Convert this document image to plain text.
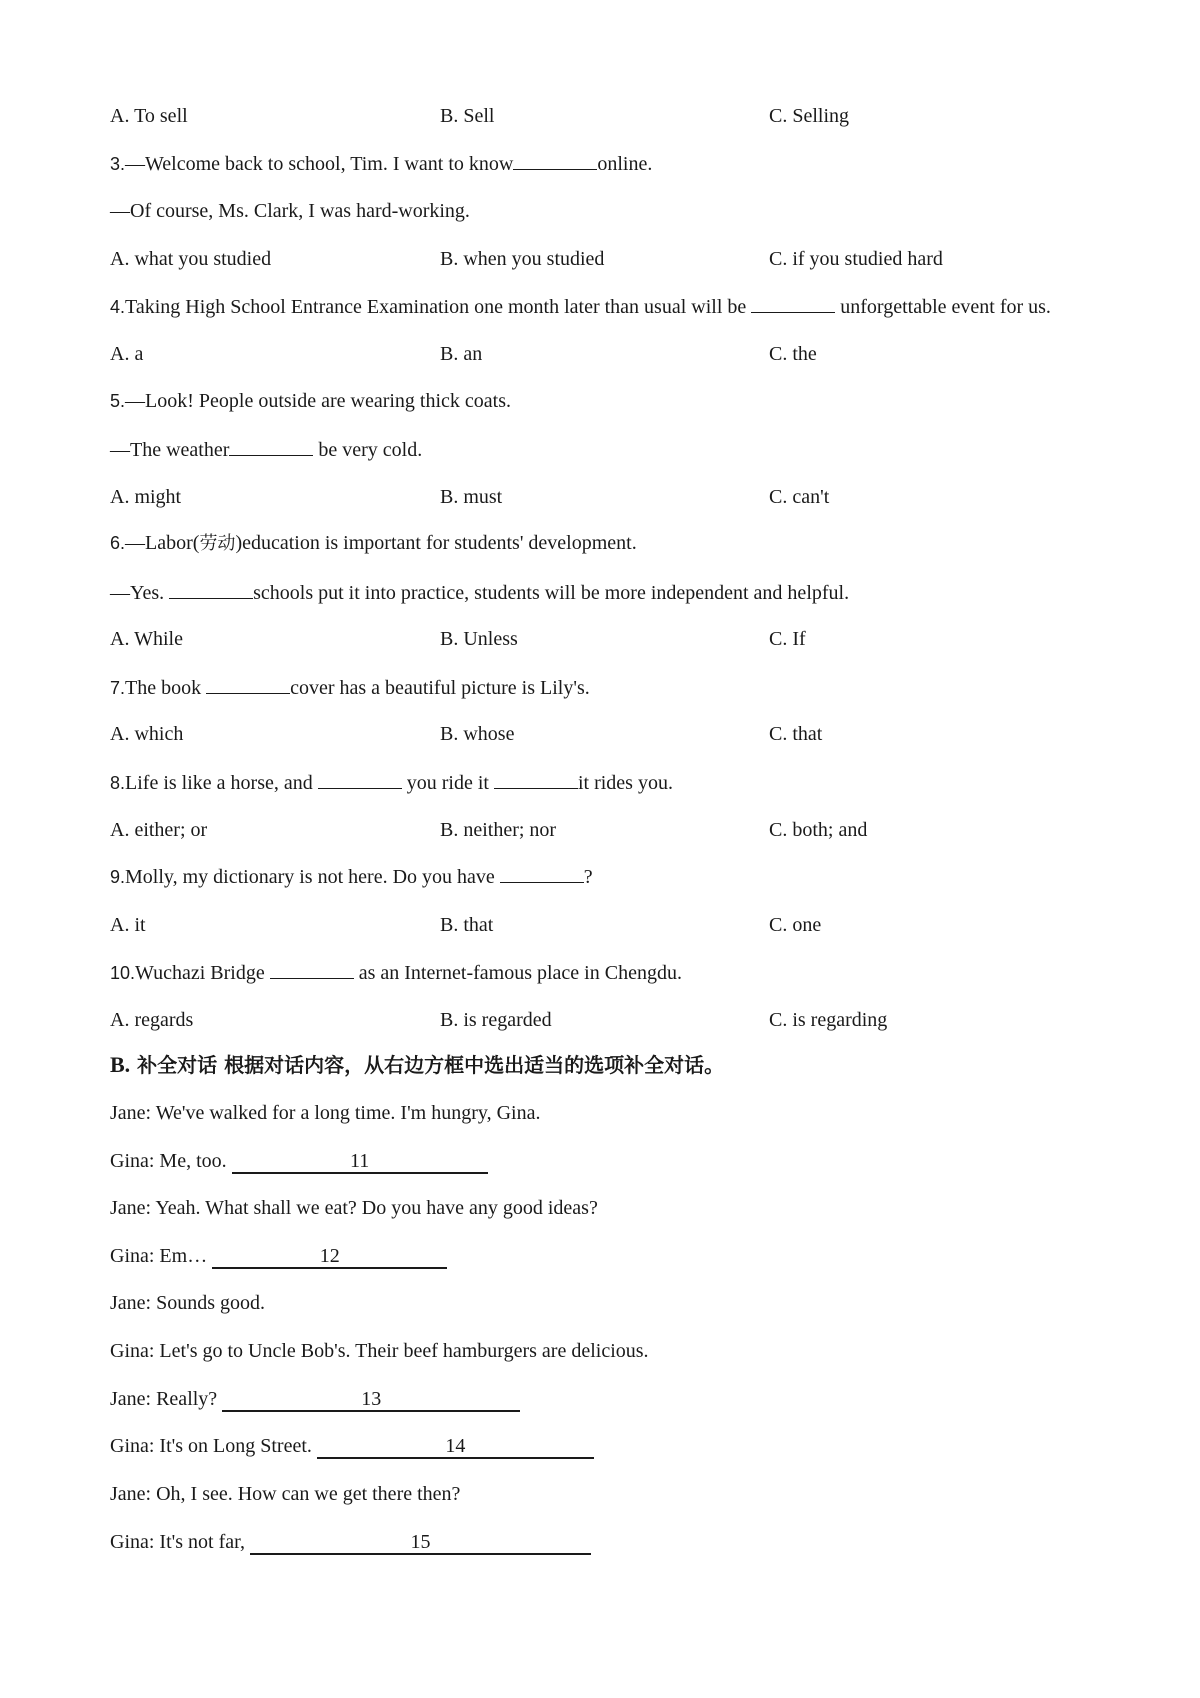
A. To sell	B. Sell	C. Selling
3.—Welcome back to school, Tim. I want to know	online.
—Of course, Ms. Clark, I was hard-working.
A. what you studied	B. when you studied	C. if you studied hard
4.Taking High School Entrance Examination one month later than usual will be	unforgettable event for us.
A. a	B. an	C. the
5.—Look! People outside are wearing thick coats.
—The weather	be very cold.
A. might	B. must	C. can't
6.—Labor(劳动)education is important for students' development.
—Yes.	schools put it into practice, students will be more independent and helpful.
A. While	B. Unless	C. If
7.The book	cover has a beautiful picture is Lily's.
A. which	B. whose	C. that
8.Life is like a horse, and	you ride it	it rides you.
A. either; or	B. neither; nor	C. both; and
9.Molly, my dictionary is not here. Do you have	?
A. it	B. that	C. one
10.Wuchazi Bridge	as an Internet-famous place in Chengdu.
A. regards	B. is regarded	C. is regarding
B. 补全对话 根据对话内容，从右边方框中选出适当的选项补全对话。
Jane: We've walked for a long time. I'm hungry, Gina.
Gina: Me, too.	11
Jane: Yeah. What shall we eat? Do you have any good ideas?
Gina: Em…	12
Jane: Sounds good.
Gina: Let's go to Uncle Bob's. Their beef hamburgers are delicious.
Jane: Really?	13
Gina: It's on Long Street.	14
Jane: Oh, I see. How can we get there then?
Gina: It's not far,	15
